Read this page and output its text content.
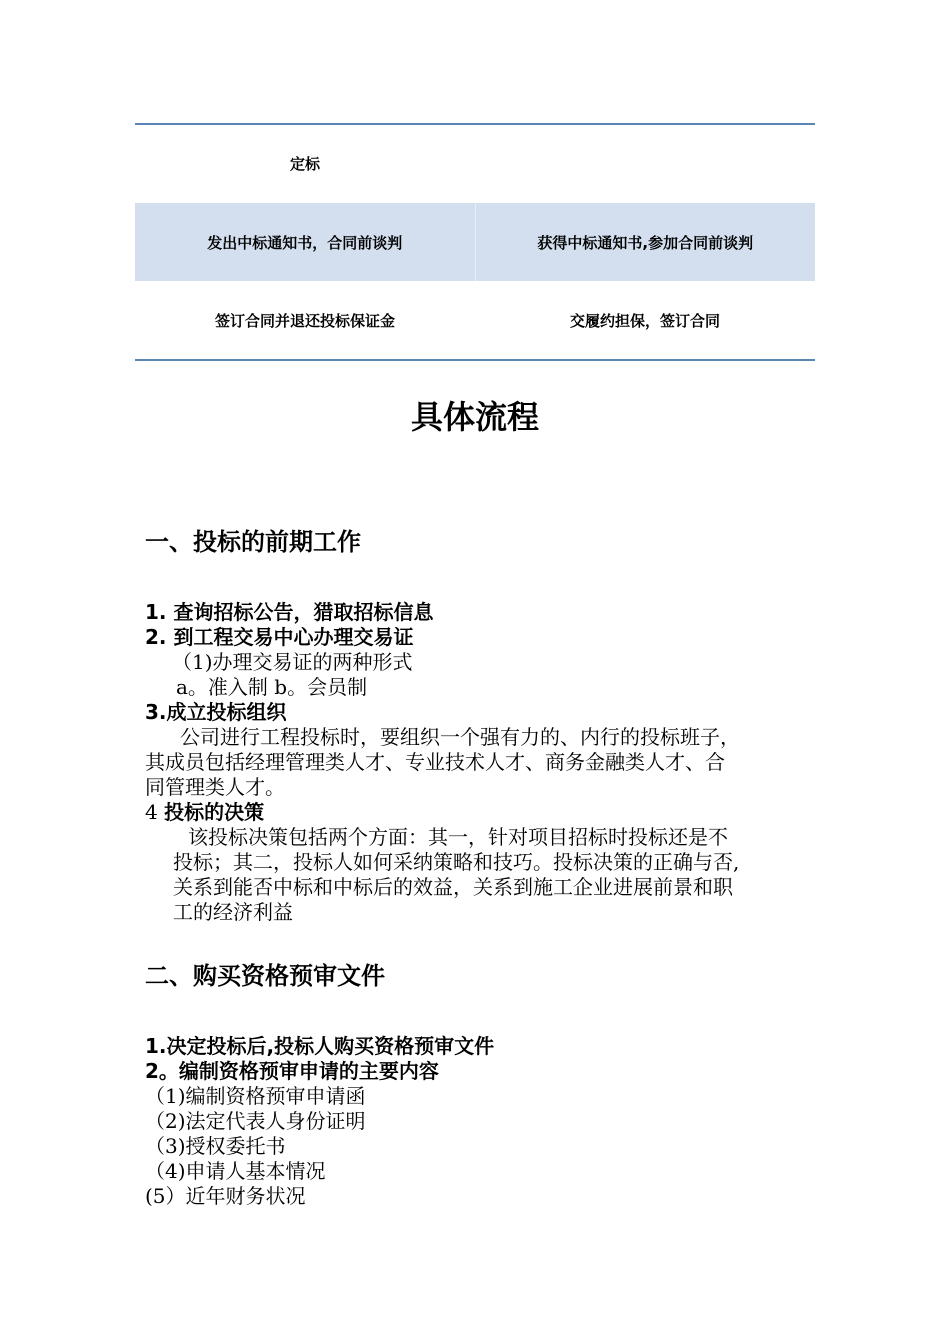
定标
发出中标通知书，合同前谈判	获得中标通知书,参加合同前谈判
签订合同并退还投标保证金	交履约担保，签订合同
具体流程
一、投标的前期工作
1. 查询招标公告，猎取招标信息
2. 到工程交易中心办理交易证
（1)办理交易证的两种形式
a。准入制 b。会员制
3.成立投标组织
公司进行工程投标时，要组织一个强有力的、内行的投标班子，
其成员包括经理管理类人才、专业技术人才、商务金融类人才、合
同管理类人才。
4 投标的决策
该投标决策包括两个方面：其一，针对项目招标时投标还是不
投标；其二，投标人如何采纳策略和技巧。投标决策的正确与否,
关系到能否中标和中标后的效益，关系到施工企业进展前景和职
工的经济利益
二、购买资格预审文件
1.决定投标后,投标人购买资格预审文件
2。编制资格预审申请的主要内容
（1)编制资格预审申请函
（2)法定代表人身份证明
（3)授权委托书
（4)申请人基本情况
(5）近年财务状况
